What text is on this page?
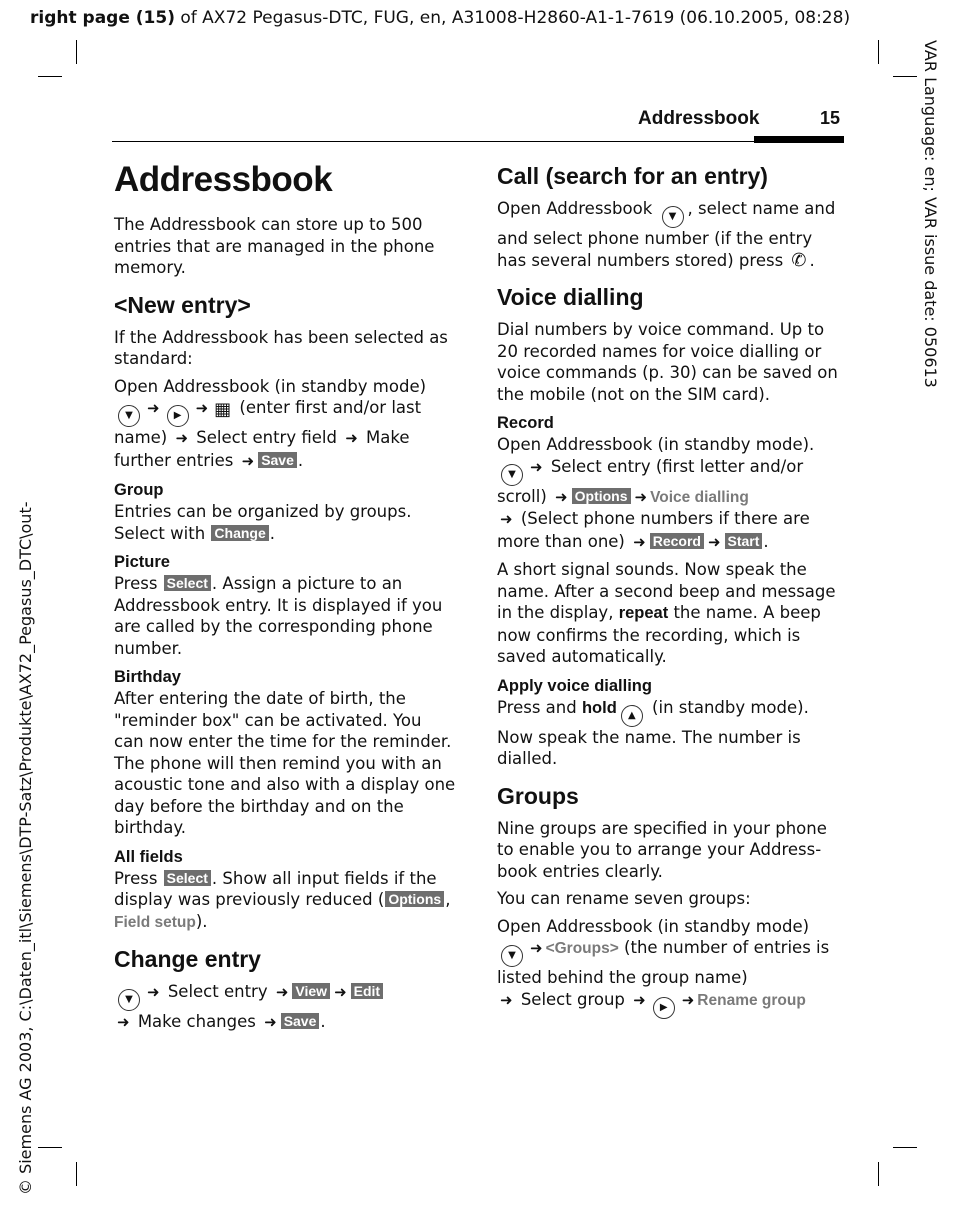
right page (15) of AX72 Pegasus-DTC, FUG, en, A31008-H2860-A1-1-7619 (06.10.2005, 08:28)
VAR Language: en; VAR issue date: 050613
© Siemens AG 2003, C:\Daten_itl\Siemens\DTP-Satz\Produkte\AX72_Pegasus_DTC\out-
Addressbook	15
Addressbook

The Addressbook can store up to 500 entries that are managed in the phone memory.

<New entry>

If the Addressbook has been selected as standard:

Open Addressbook (in standby mode)
▼ ➜ ▶ ➜ ▦ (enter first and/or last name) ➜ Select entry field ➜ Make further entries ➜ Save .

Group

Entries can be organized by groups. Select with Change .

Picture

Press Select . Assign a picture to an Addressbook entry. It is displayed if you are called by the corresponding phone number.

Birthday

After entering the date of birth, the "reminder box" can be activated. You can now enter the time for the reminder. The phone will then remind you with an acoustic tone and also with a display one day before the birthday and on the birthday.

All fields

Press Select . Show all input fields if the display was previously reduced ( Options , Field setup).

Change entry

▼ ➜ Select entry ➜ View ➜ Edit
➜ Make changes ➜ Save .

Call (search for an entry)

Open Addressbook ▼ , select name and and select phone number (if the entry has several numbers stored) press ✆ .

Voice dialling

Dial numbers by voice command. Up to 20 recorded names for voice dialling or voice commands (p. 30) can be saved on the mobile (not on the SIM card).

Record

Open Addressbook (in standby mode).
▼ ➜ Select entry (first letter and/or scroll) ➜ Options ➜ Voice dialling
➜ (Select phone numbers if there are more than one) ➜ Record ➜ Start .

A short signal sounds. Now speak the name. After a second beep and message in the display, repeat the name. A beep now confirms the recording, which is saved automatically.

Apply voice dialling

Press and hold ▲ (in standby mode). Now speak the name. The number is dialled.

Groups

Nine groups are specified in your phone to enable you to arrange your Address-book entries clearly.

You can rename seven groups:

Open Addressbook (in standby mode)
▼ ➜ <Groups> (the number of entries is listed behind the group name)
➜ Select group ➜ ▶ ➜ Rename group
